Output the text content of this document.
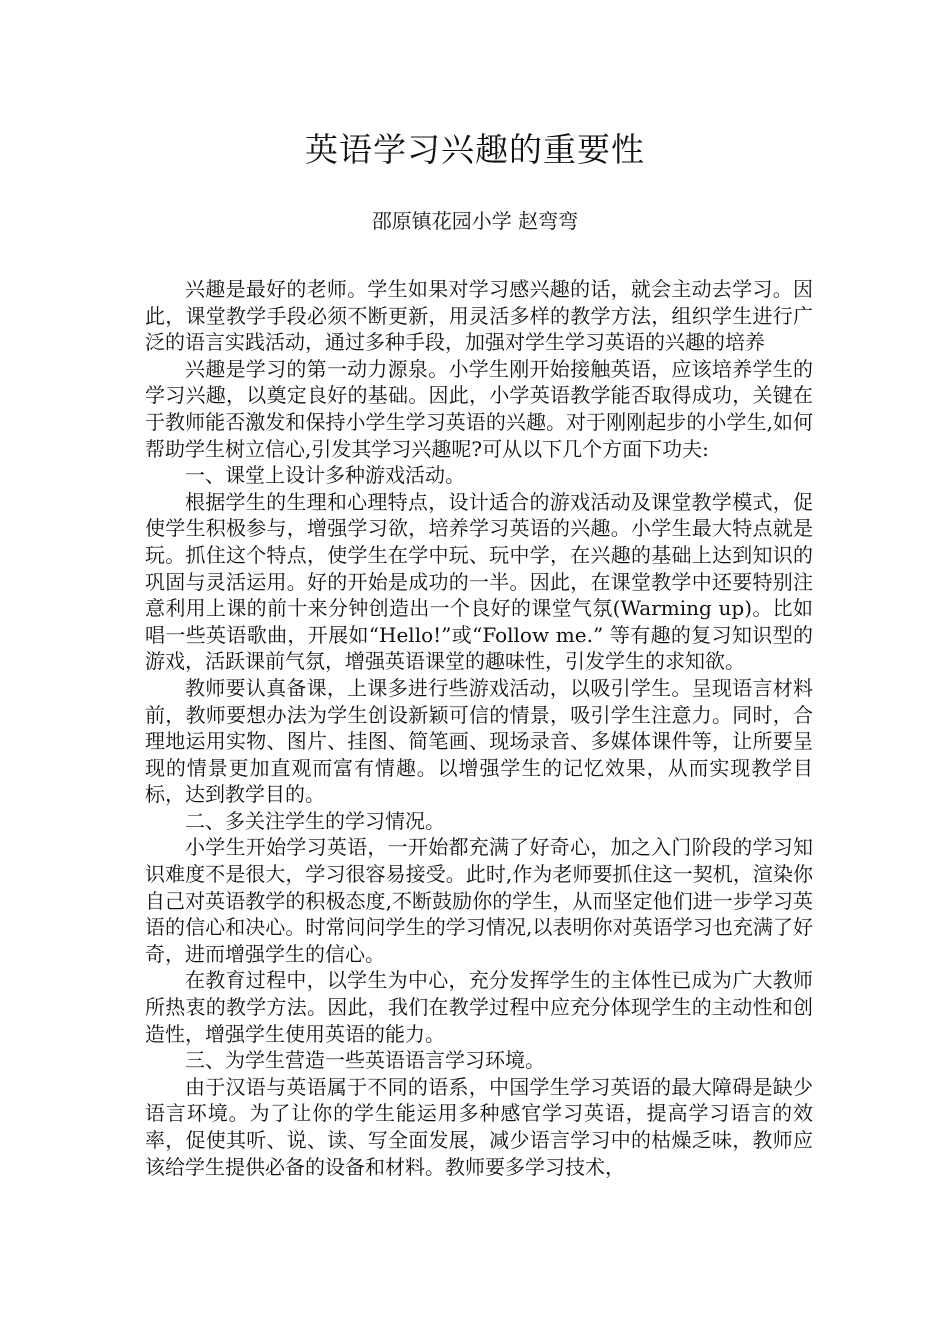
英语学习兴趣的重要性
邵原镇花园小学 赵弯弯

兴趣是最好的老师。学生如果对学习感兴趣的话，就会主动去学习。因此，课堂教学手段必须不断更新，用灵活多样的教学方法，组织学生进行广泛的语言实践活动，通过多种手段，加强对学生学习英语的兴趣的培养

兴趣是学习的第一动力源泉。小学生刚开始接触英语，应该培养学生的学习兴趣，以奠定良好的基础。因此，小学英语教学能否取得成功，关键在于教师能否激发和保持小学生学习英语的兴趣。对于刚刚起步的小学生,如何帮助学生树立信心,引发其学习兴趣呢?可从以下几个方面下功夫:

一、课堂上设计多种游戏活动。

根据学生的生理和心理特点，设计适合的游戏活动及课堂教学模式，促使学生积极参与，增强学习欲，培养学习英语的兴趣。小学生最大特点就是玩。抓住这个特点，使学生在学中玩、玩中学，在兴趣的基础上达到知识的巩固与灵活运用。好的开始是成功的一半。因此，在课堂教学中还要特别注意利用上课的前十来分钟创造出一个良好的课堂气氛(Warming up)。比如唱一些英语歌曲，开展如“Hello!”或“Follow me.” 等有趣的复习知识型的游戏，活跃课前气氛，增强英语课堂的趣味性，引发学生的求知欲。

教师要认真备课，上课多进行些游戏活动，以吸引学生。呈现语言材料前，教师要想办法为学生创设新颖可信的情景，吸引学生注意力。同时，合理地运用实物、图片、挂图、简笔画、现场录音、多媒体课件等，让所要呈现的情景更加直观而富有情趣。以增强学生的记忆效果，从而实现教学目标，达到教学目的。

二、多关注学生的学习情况。

小学生开始学习英语，一开始都充满了好奇心，加之入门阶段的学习知识难度不是很大，学习很容易接受。此时,作为老师要抓住这一契机，渲染你自己对英语教学的积极态度,不断鼓励你的学生，从而坚定他们进一步学习英语的信心和决心。时常问问学生的学习情况,以表明你对英语学习也充满了好奇，进而增强学生的信心。

在教育过程中，以学生为中心，充分发挥学生的主体性已成为广大教师所热衷的教学方法。因此，我们在教学过程中应充分体现学生的主动性和创造性，增强学生使用英语的能力。

三、为学生营造一些英语语言学习环境。

由于汉语与英语属于不同的语系，中国学生学习英语的最大障碍是缺少语言环境。为了让你的学生能运用多种感官学习英语，提高学习语言的效率，促使其听、说、读、写全面发展，减少语言学习中的枯燥乏味，教师应该给学生提供必备的设备和材料。教师要多学习技术，
